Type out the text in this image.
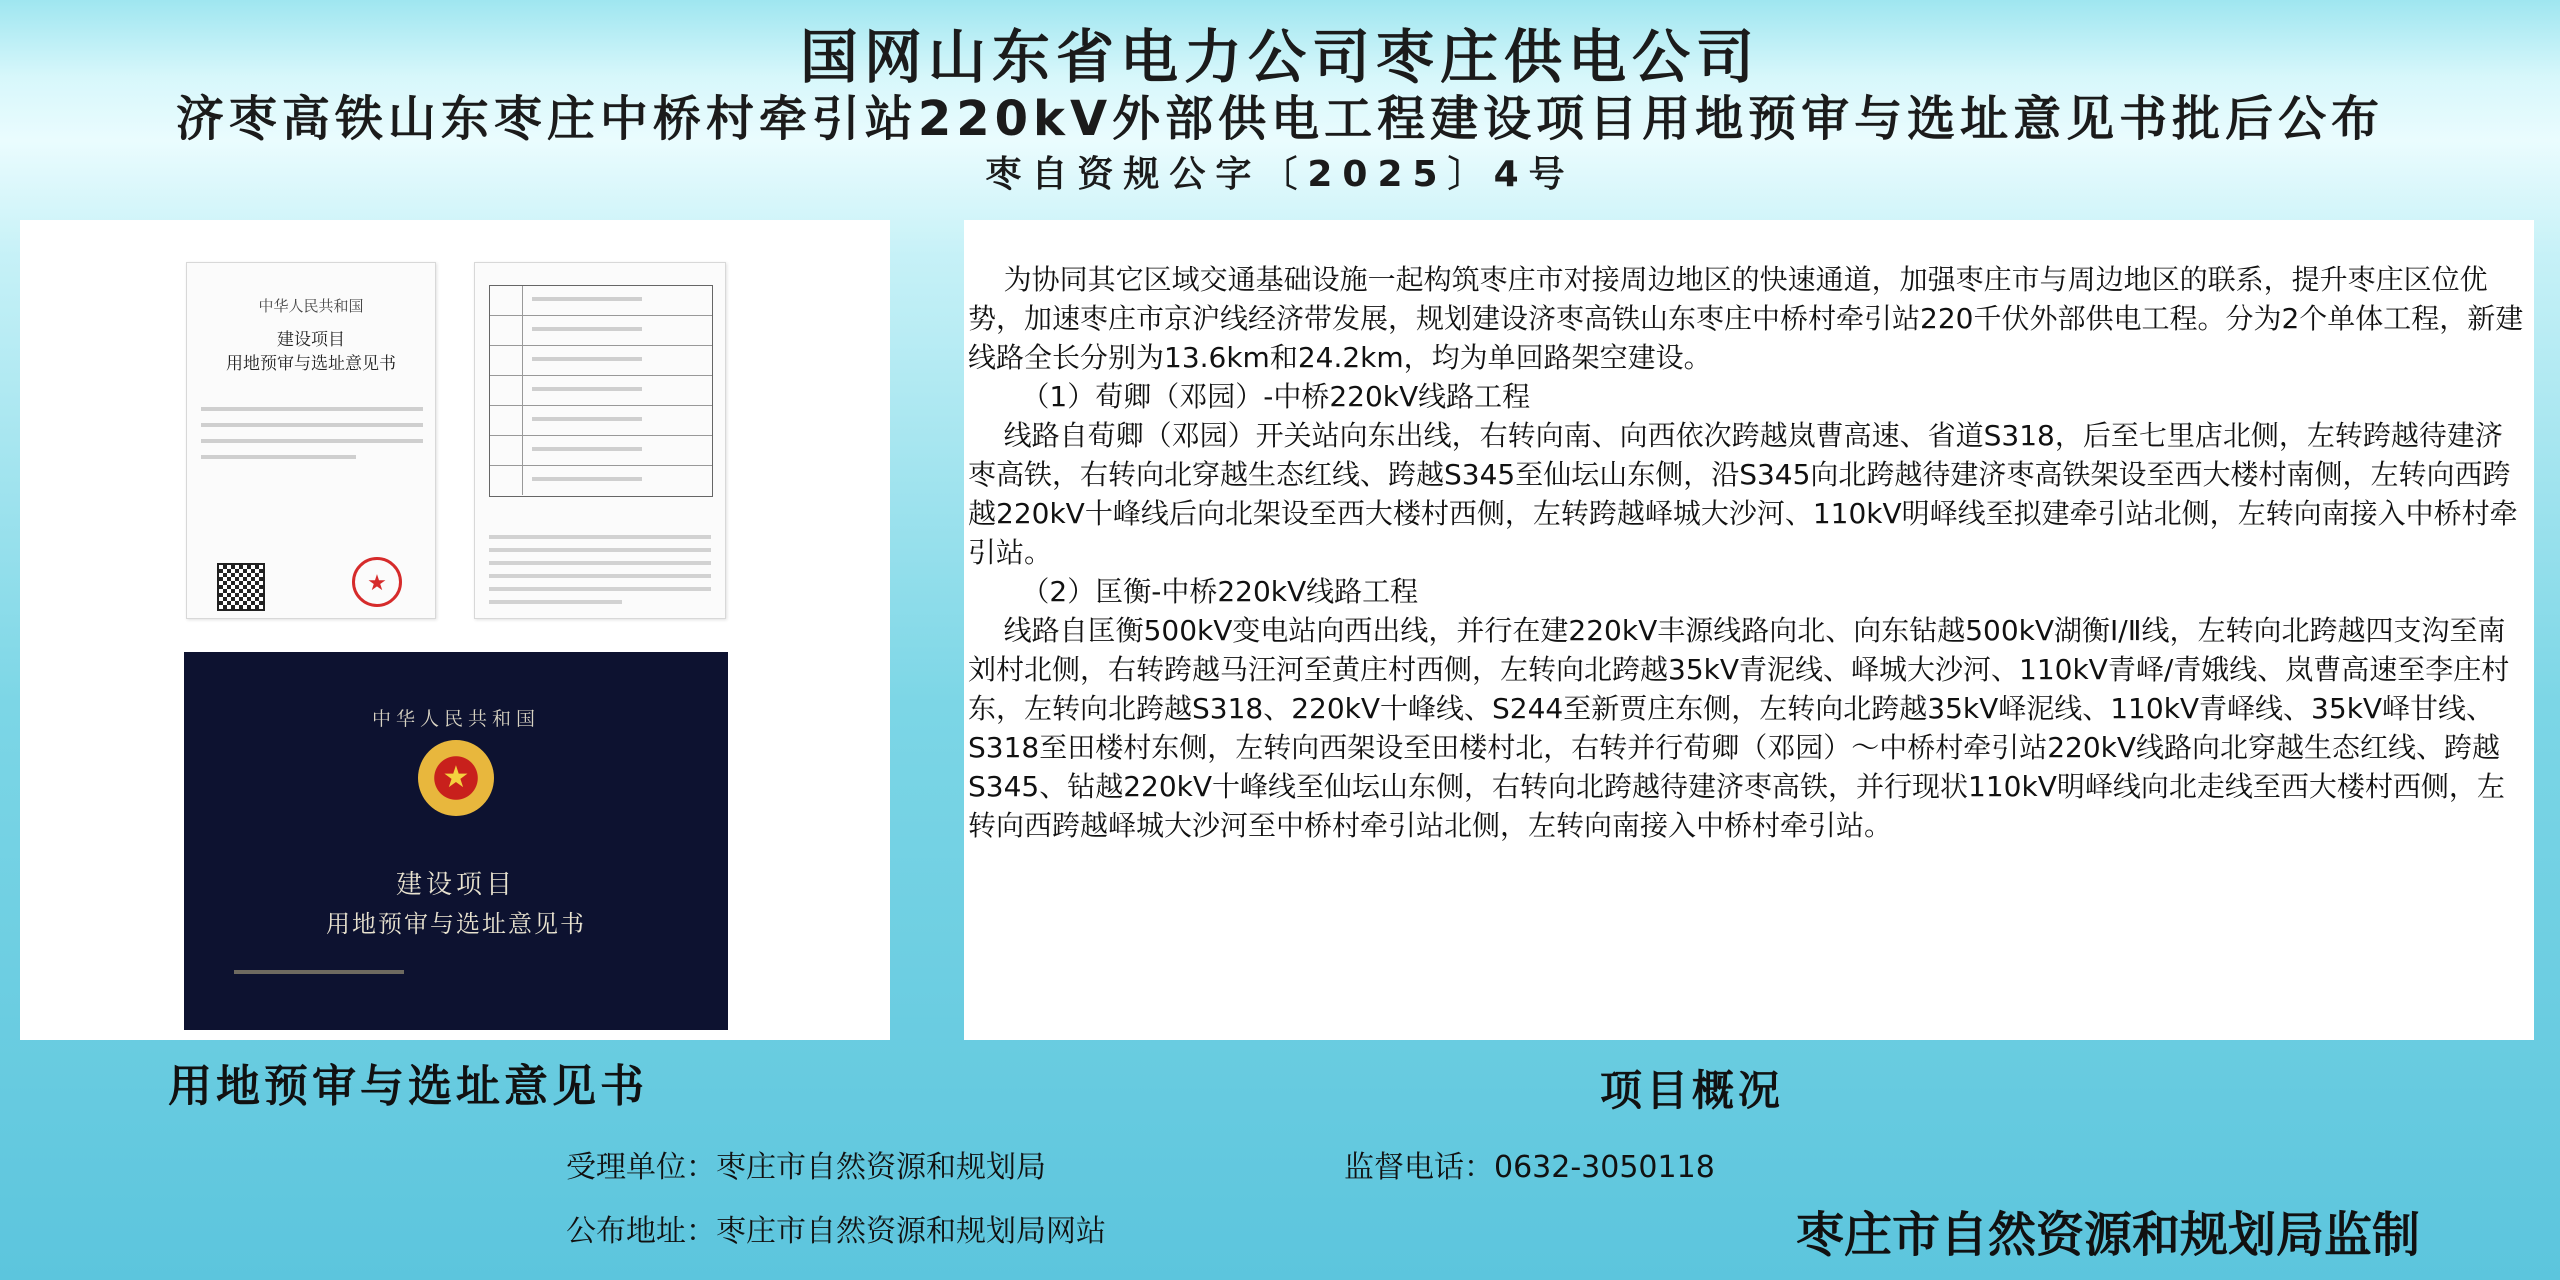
国网山东省电力公司枣庄供电公司
济枣高铁山东枣庄中桥村牵引站220kV外部供电工程建设项目用地预审与选址意见书批后公布
枣自资规公字〔2025〕4号
中华人民共和国
建设项目
用地预审与选址意见书
★
中华人民共和国
★
建设项目
用地预审与选址意见书
为协同其它区域交通基础设施一起构筑枣庄市对接周边地区的快速通道，加强枣庄市与周边地区的联系，提升枣庄区位优势，加速枣庄市京沪线经济带发展，规划建设济枣高铁山东枣庄中桥村牵引站220千伏外部供电工程。分为2个单体工程，新建线路全长分别为13.6km和24.2km，均为单回路架空建设。
（1）荀卿（邓园）-中桥220kV线路工程
线路自荀卿（邓园）开关站向东出线，右转向南、向西依次跨越岚曹高速、省道S318，后至七里店北侧，左转跨越待建济枣高铁，右转向北穿越生态红线、跨越S345至仙坛山东侧，沿S345向北跨越待建济枣高铁架设至西大楼村南侧，左转向西跨越220kV十峰线后向北架设至西大楼村西侧，左转跨越峄城大沙河、110kV明峄线至拟建牵引站北侧，左转向南接入中桥村牵引站。
（2）匡衡-中桥220kV线路工程
线路自匡衡500kV变电站向西出线，并行在建220kV丰源线路向北、向东钻越500kV湖衡Ⅰ/Ⅱ线，左转向北跨越四支沟至南刘村北侧，右转跨越马汪河至黄庄村西侧，左转向北跨越35kV青泥线、峄城大沙河、110kV青峄/青娥线、岚曹高速至李庄村东，左转向北跨越S318、220kV十峰线、S244至新贾庄东侧，左转向北跨越35kV峄泥线、110kV青峄线、35kV峄甘线、S318至田楼村东侧，左转向西架设至田楼村北，右转并行荀卿（邓园）～中桥村牵引站220kV线路向北穿越生态红线、跨越S345、钻越220kV十峰线至仙坛山东侧，右转向北跨越待建济枣高铁，并行现状110kV明峄线向北走线至西大楼村西侧，左转向西跨越峄城大沙河至中桥村牵引站北侧，左转向南接入中桥村牵引站。
用地预审与选址意见书	项目概况
受理单位：枣庄市自然资源和规划局	监督电话：0632-3050118
公布地址：枣庄市自然资源和规划局网站	枣庄市自然资源和规划局监制
